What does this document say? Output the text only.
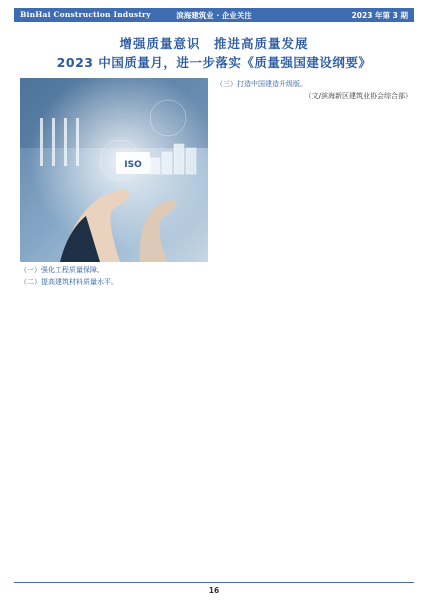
BinHai Construction Industry	滨海建筑业 · 企业关注	2023 年第 3 期
增强质量意识　推进高质量发展
2023 中国质量月，进一步落实《质量强国建设纲要》
ISO

（一）强化工程质量保障。

（二）提高建筑材料质量水平。

（三）打造中国建造升级版。

（文/滨海新区建筑业协会综合部）

16
